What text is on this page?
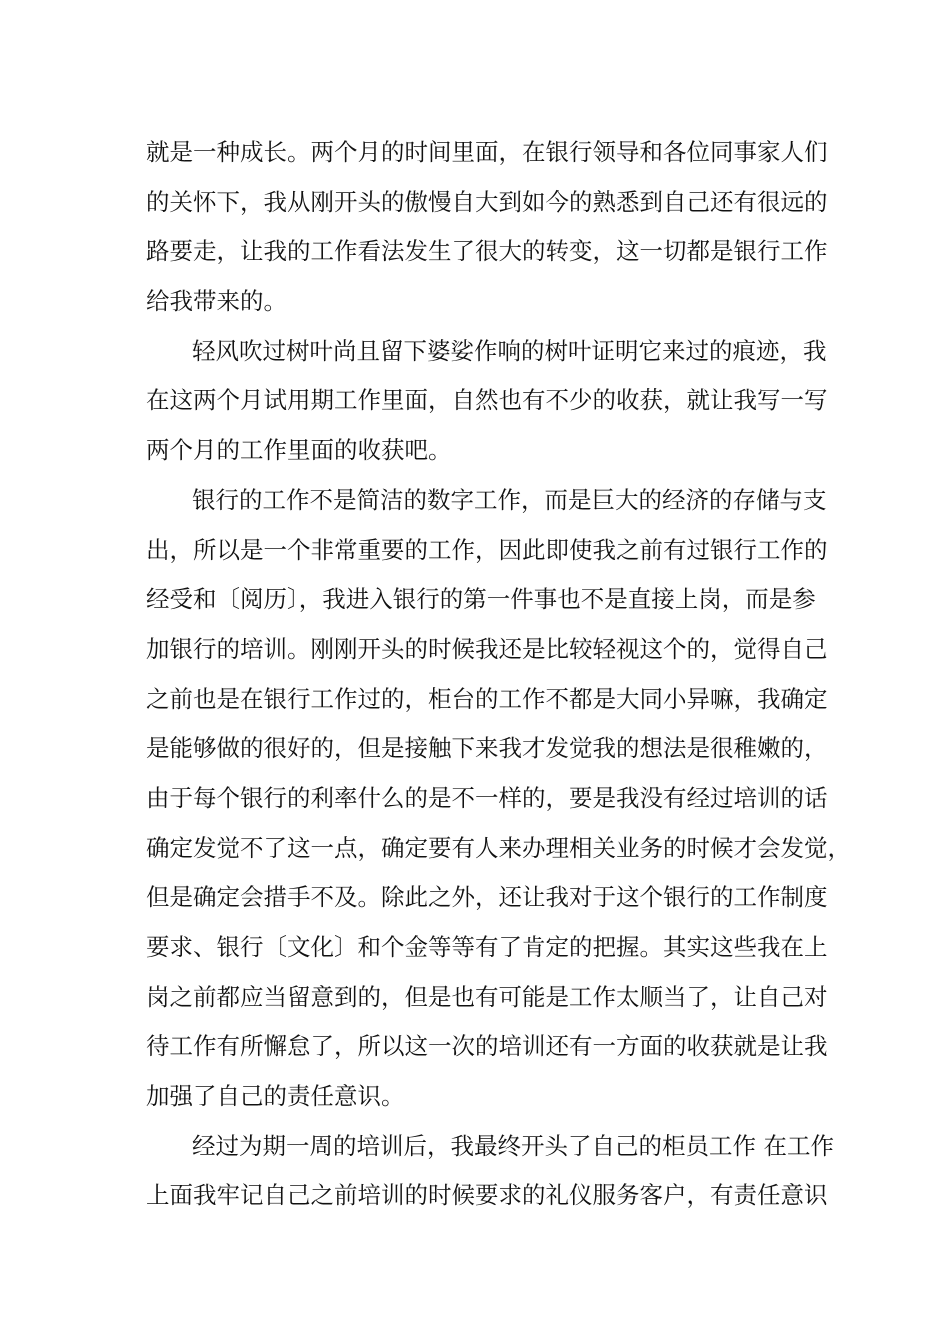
就是一种成长。两个月的时间里面，在银行领导和各位同事家人们
的关怀下，我从刚开头的傲慢自大到如今的熟悉到自己还有很远的
路要走，让我的工作看法发生了很大的转变，这一切都是银行工作
给我带来的。
轻风吹过树叶尚且留下婆娑作响的树叶证明它来过的痕迹，我
在这两个月试用期工作里面，自然也有不少的收获，就让我写一写
两个月的工作里面的收获吧。
银行的工作不是简洁的数字工作，而是巨大的经济的存储与支
出，所以是一个非常重要的工作，因此即使我之前有过银行工作的
经受和〔阅历〕，我进入银行的第一件事也不是直接上岗，而是参
加银行的培训。刚刚开头的时候我还是比较轻视这个的，觉得自己
之前也是在银行工作过的，柜台的工作不都是大同小异嘛，我确定
是能够做的很好的，但是接触下来我才发觉我的想法是很稚嫩的，
由于每个银行的利率什么的是不一样的，要是我没有经过培训的话
确定发觉不了这一点，确定要有人来办理相关业务的时候才会发觉，
但是确定会措手不及。除此之外，还让我对于这个银行的工作制度
要求、银行〔文化〕和个金等等有了肯定的把握。其实这些我在上
岗之前都应当留意到的，但是也有可能是工作太顺当了，让自己对
待工作有所懈怠了，所以这一次的培训还有一方面的收获就是让我
加强了自己的责任意识。
经过为期一周的培训后，我最终开头了自己的柜员工作 在工作
上面我牢记自己之前培训的时候要求的礼仪服务客户，有责任意识
